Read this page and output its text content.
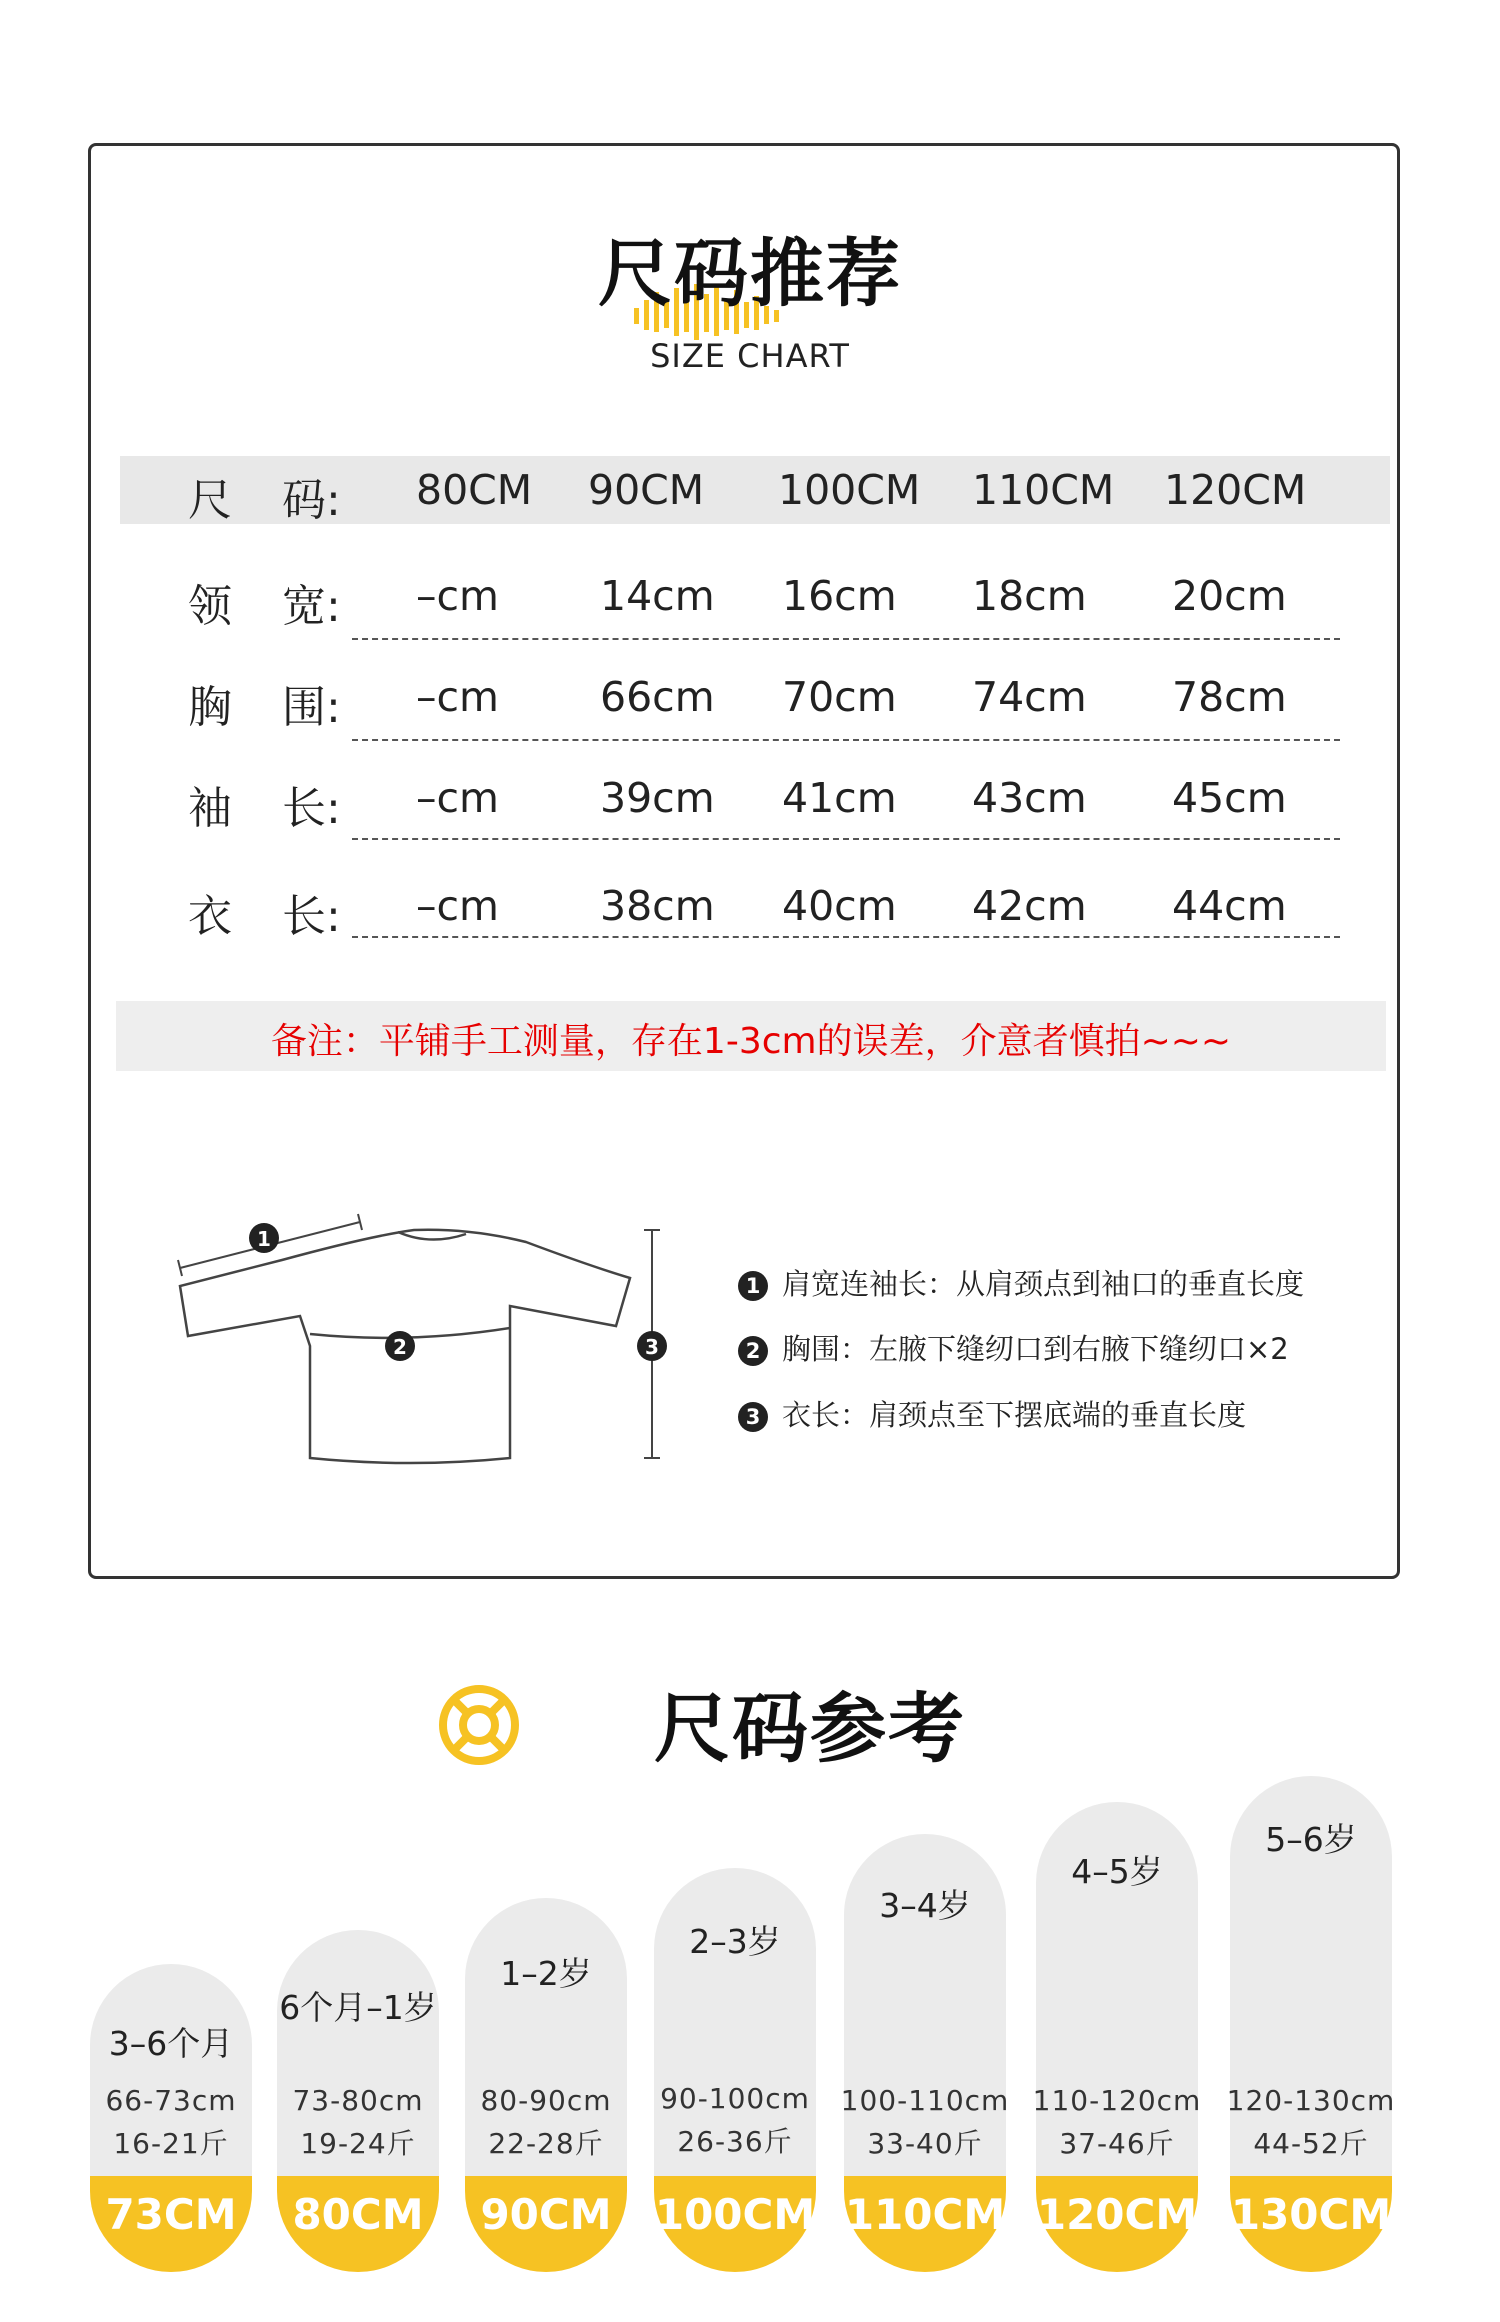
尺码推荐
SIZE CHART
尺 码: 80CM 90CM 100CM 110CM 120CM
领 宽: –cm 14cm 16cm 18cm 20cm
胸 围: –cm 66cm 70cm 74cm 78cm
袖 长: –cm 39cm 41cm 43cm 45cm
衣 长: –cm 38cm 40cm 42cm 44cm
备注：平铺手工测量，存在1-3cm的误差，介意者慎拍~~~
1
2	3
1 肩宽连袖长：从肩颈点到袖口的垂直长度
2 胸围：左腋下缝纫口到右腋下缝纫口×2
3 衣长：肩颈点至下摆底端的垂直长度
尺码参考
73CM
3–6个月
66-73cm
16-21斤
80CM
6个月–1岁
73-80cm
19-24斤
90CM
1–2岁
80-90cm
22-28斤
100CM
2–3岁
90-100cm
26-36斤
110CM
3–4岁
100-110cm
33-40斤
120CM
4–5岁
110-120cm
37-46斤
130CM
5–6岁
120-130cm
44-52斤
